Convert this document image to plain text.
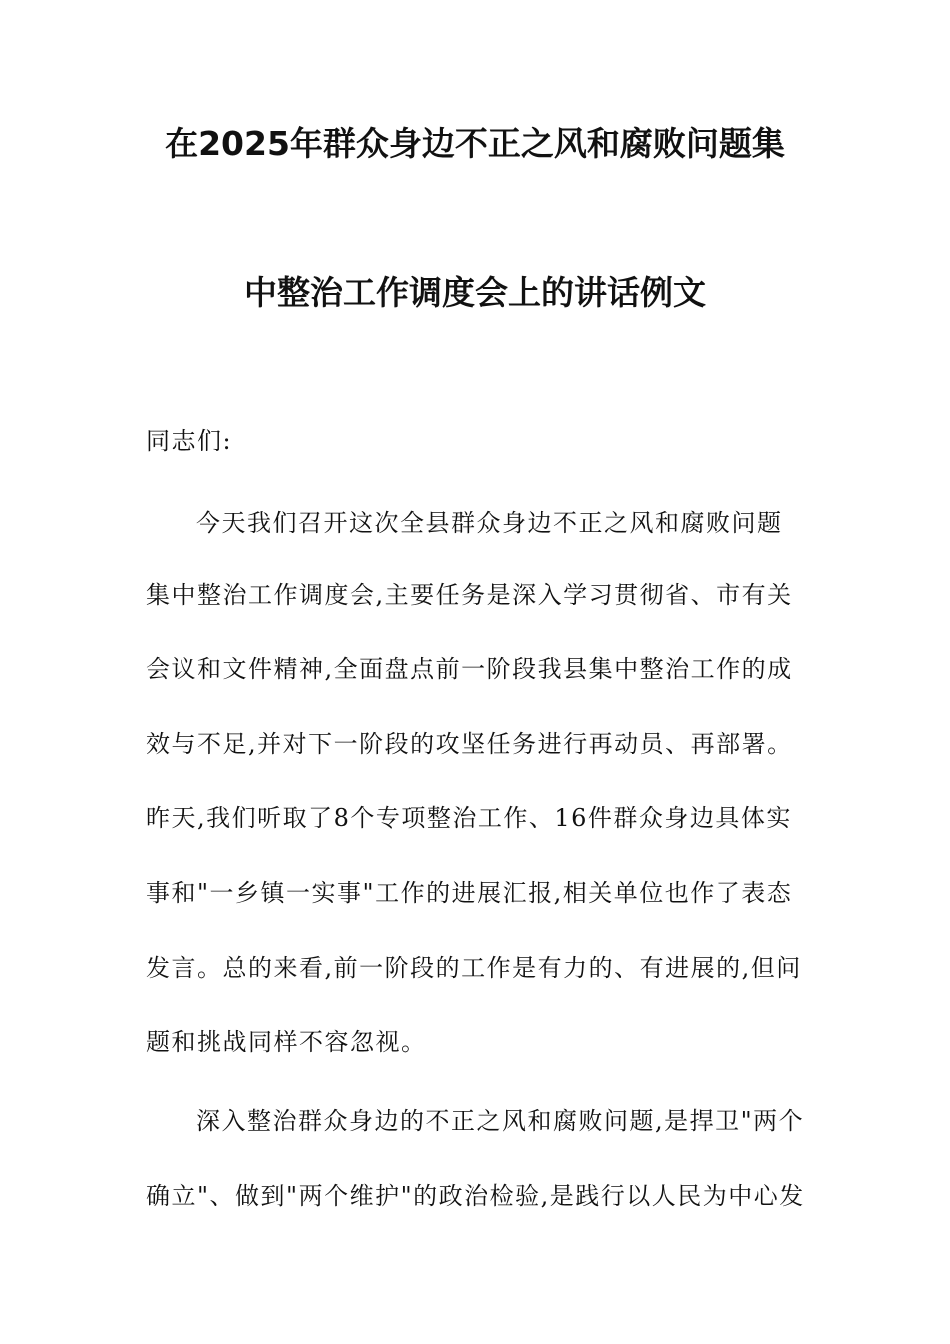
在2025年群众身边不正之风和腐败问题集
中整治工作调度会上的讲话例文
同志们:
今天我们召开这次全县群众身边不正之风和腐败问题
集中整治工作调度会,主要任务是深入学习贯彻省、市有关
会议和文件精神,全面盘点前一阶段我县集中整治工作的成
效与不足,并对下一阶段的攻坚任务进行再动员、再部署。
昨天,我们听取了8个专项整治工作、16件群众身边具体实
事和"一乡镇一实事"工作的进展汇报,相关单位也作了表态
发言。总的来看,前一阶段的工作是有力的、有进展的,但问
题和挑战同样不容忽视。
深入整治群众身边的不正之风和腐败问题,是捍卫"两个
确立"、做到"两个维护"的政治检验,是践行以人民为中心发
